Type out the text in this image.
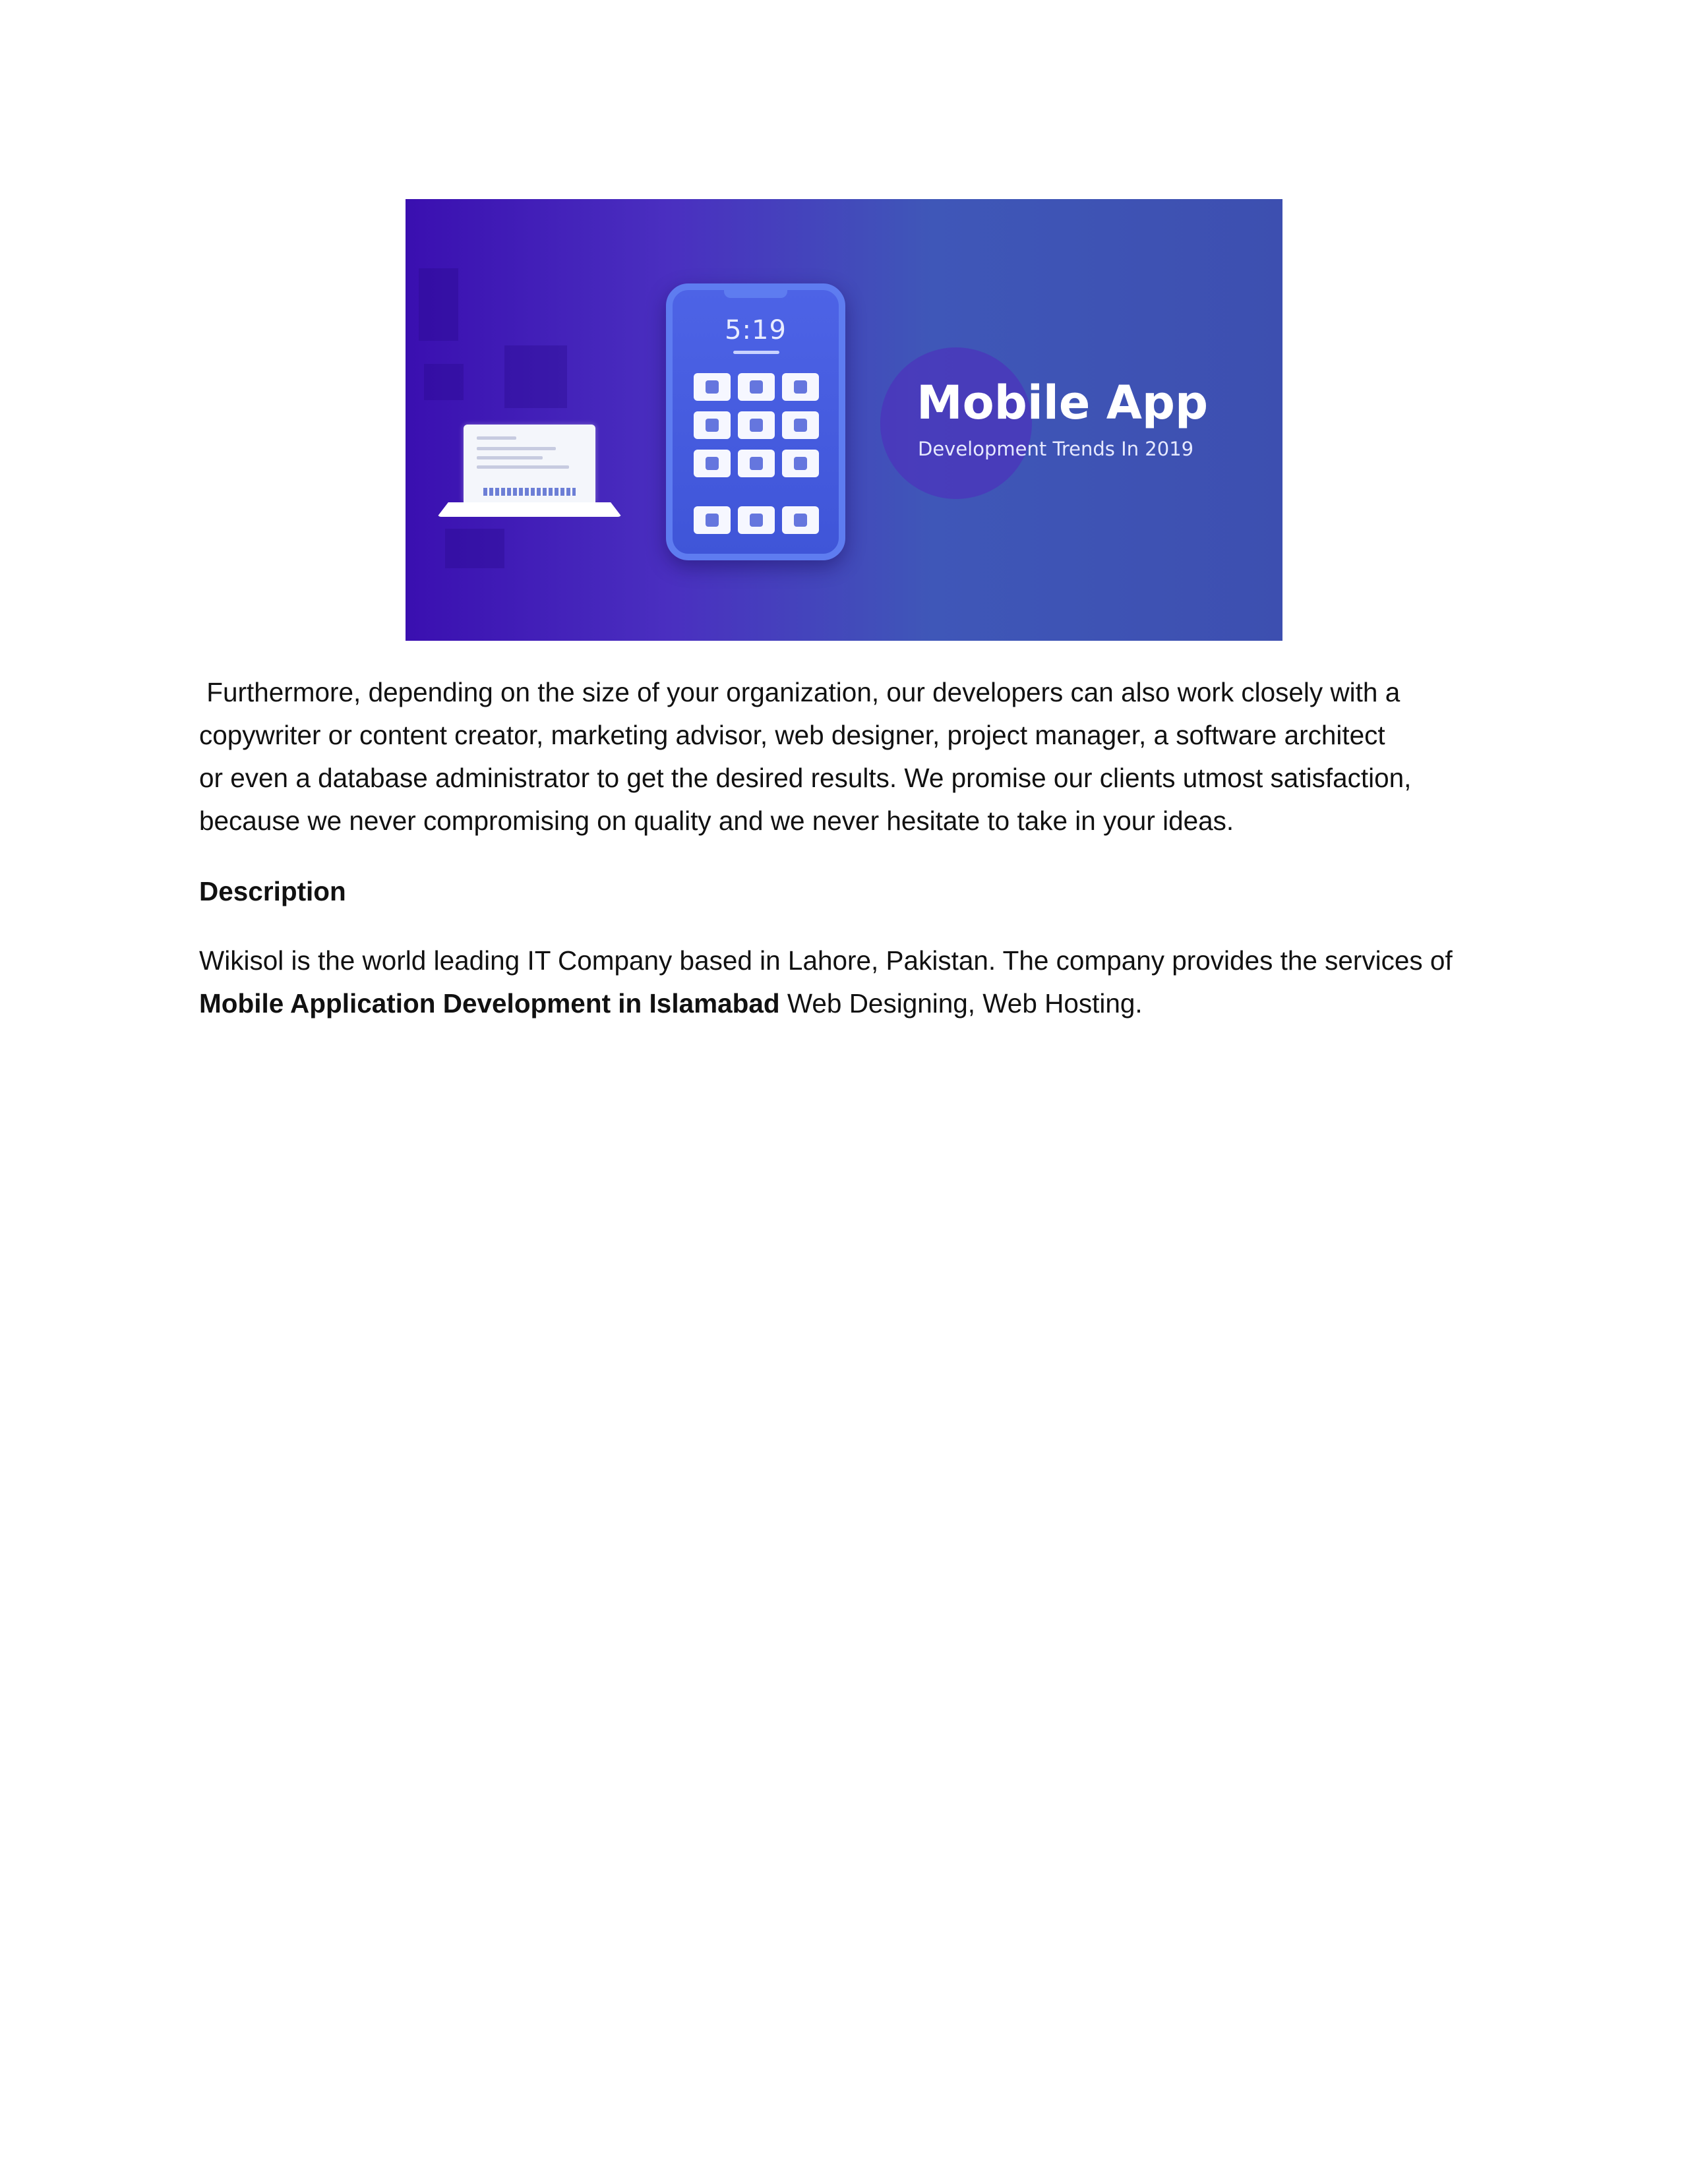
5:19
Mobile App
Development Trends In 2019

Furthermore, depending on the size of your organization, our developers can also work closely with a
copywriter or content creator, marketing advisor, web designer, project manager, a software architect
or even a database administrator to get the desired results. We promise our clients utmost satisfaction,
because we never compromising on quality and we never hesitate to take in your ideas.

Description

Wikisol is the world leading IT Company based in Lahore, Pakistan. The company provides the services of
Mobile Application Development in Islamabad Web Designing, Web Hosting.
